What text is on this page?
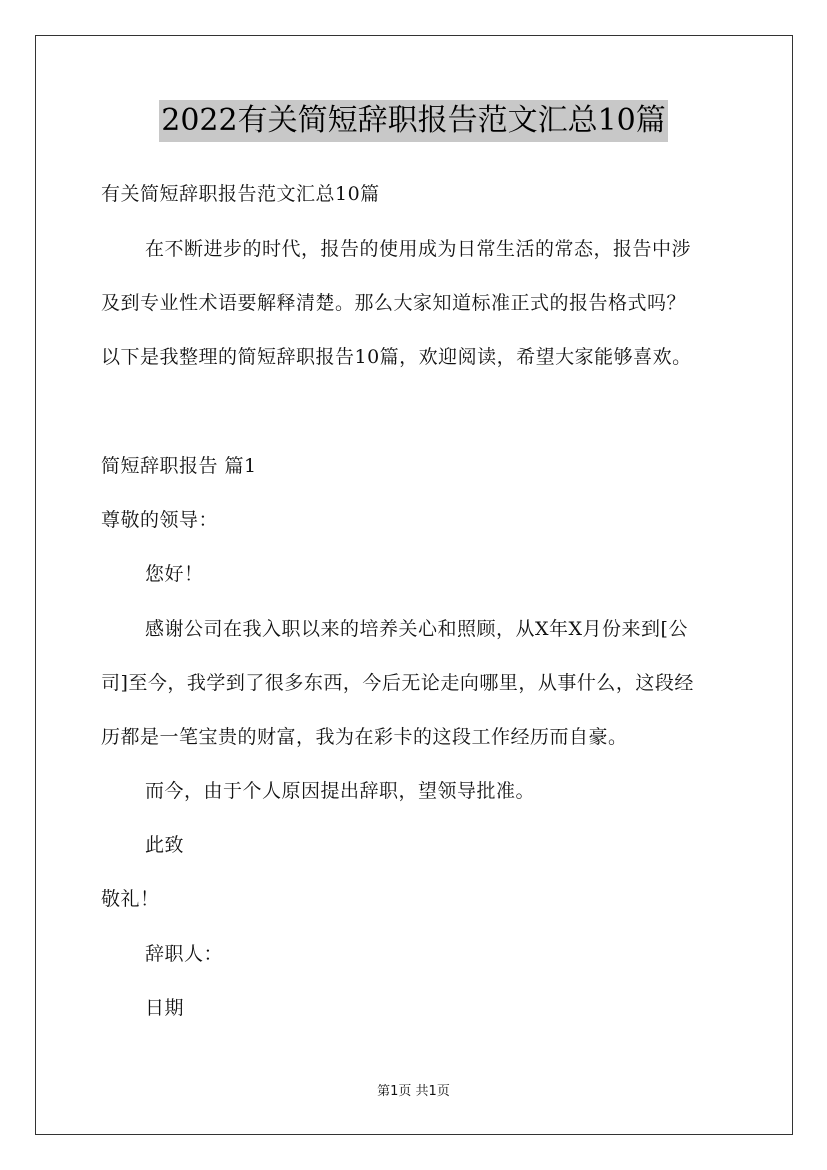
2022有关简短辞职报告范文汇总10篇
有关简短辞职报告范文汇总10篇
在不断进步的时代，报告的使用成为日常生活的常态，报告中涉
及到专业性术语要解释清楚。那么大家知道标准正式的报告格式吗？
以下是我整理的简短辞职报告10篇，欢迎阅读，希望大家能够喜欢。
简短辞职报告 篇1
尊敬的领导：
您好！
感谢公司在我入职以来的培养关心和照顾，从X年X月份来到[公
司]至今，我学到了很多东西，今后无论走向哪里，从事什么，这段经
历都是一笔宝贵的财富，我为在彩卡的这段工作经历而自豪。
而今，由于个人原因提出辞职，望领导批准。
此致
敬礼！
辞职人：
日期
第1页 共1页
